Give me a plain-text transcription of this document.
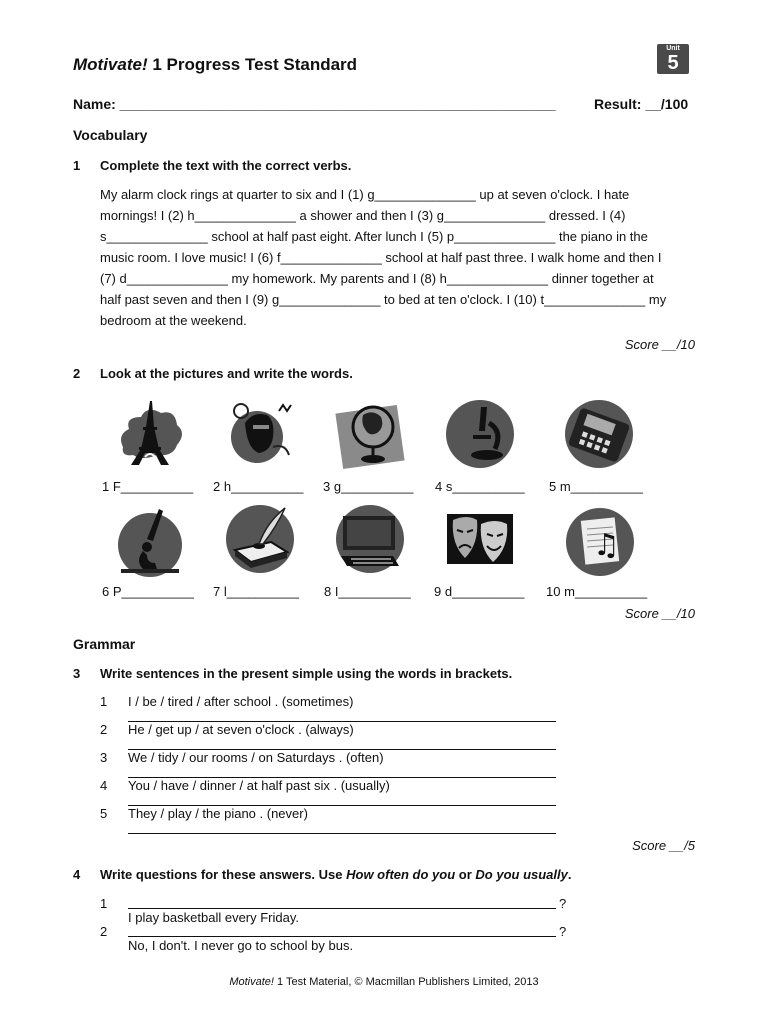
Motivate! 1 Progress Test Standard
Unit
5
Name: ________________________________________________________	Result: __/100
Vocabulary
1 Complete the text with the correct verbs.
My alarm clock rings at quarter to six and I (1) g______________ up at seven o'clock. I hate
mornings! I (2) h______________ a shower and then I (3) g______________ dressed. I (4)
s______________ school at half past eight. After lunch I (5) p______________ the piano in the
music room. I love music! I (6) f______________ school at half past three. I walk home and then I
(7) d______________ my homework. My parents and I (8) h______________ dinner together at
half past seven and then I (9) g______________ to bed at ten o'clock. I (10) t______________ my
bedroom at the weekend.
Score __/10
2 Look at the pictures and write the words.
1 F__________ 2 h__________ 3 g__________ 4 s__________ 5 m__________
♫
6 P__________ 7 l__________ 8 I__________ 9 d__________ 10 m__________
Score __/10
Grammar
3 Write sentences in the present simple using the words in brackets.
1 I / be / tired / after school . (sometimes)
2 He / get up / at seven o'clock . (always)
3 We / tidy / our rooms / on Saturdays . (often)
4 You / have / dinner / at half past six . (usually)
5 They / play / the piano . (never)
Score __/5
4 Write questions for these answers. Use How often do you or Do you usually.
1	?
I play basketball every Friday.
2	?
No, I don't. I never go to school by bus.
Motivate! 1 Test Material, © Macmillan Publishers Limited, 2013
